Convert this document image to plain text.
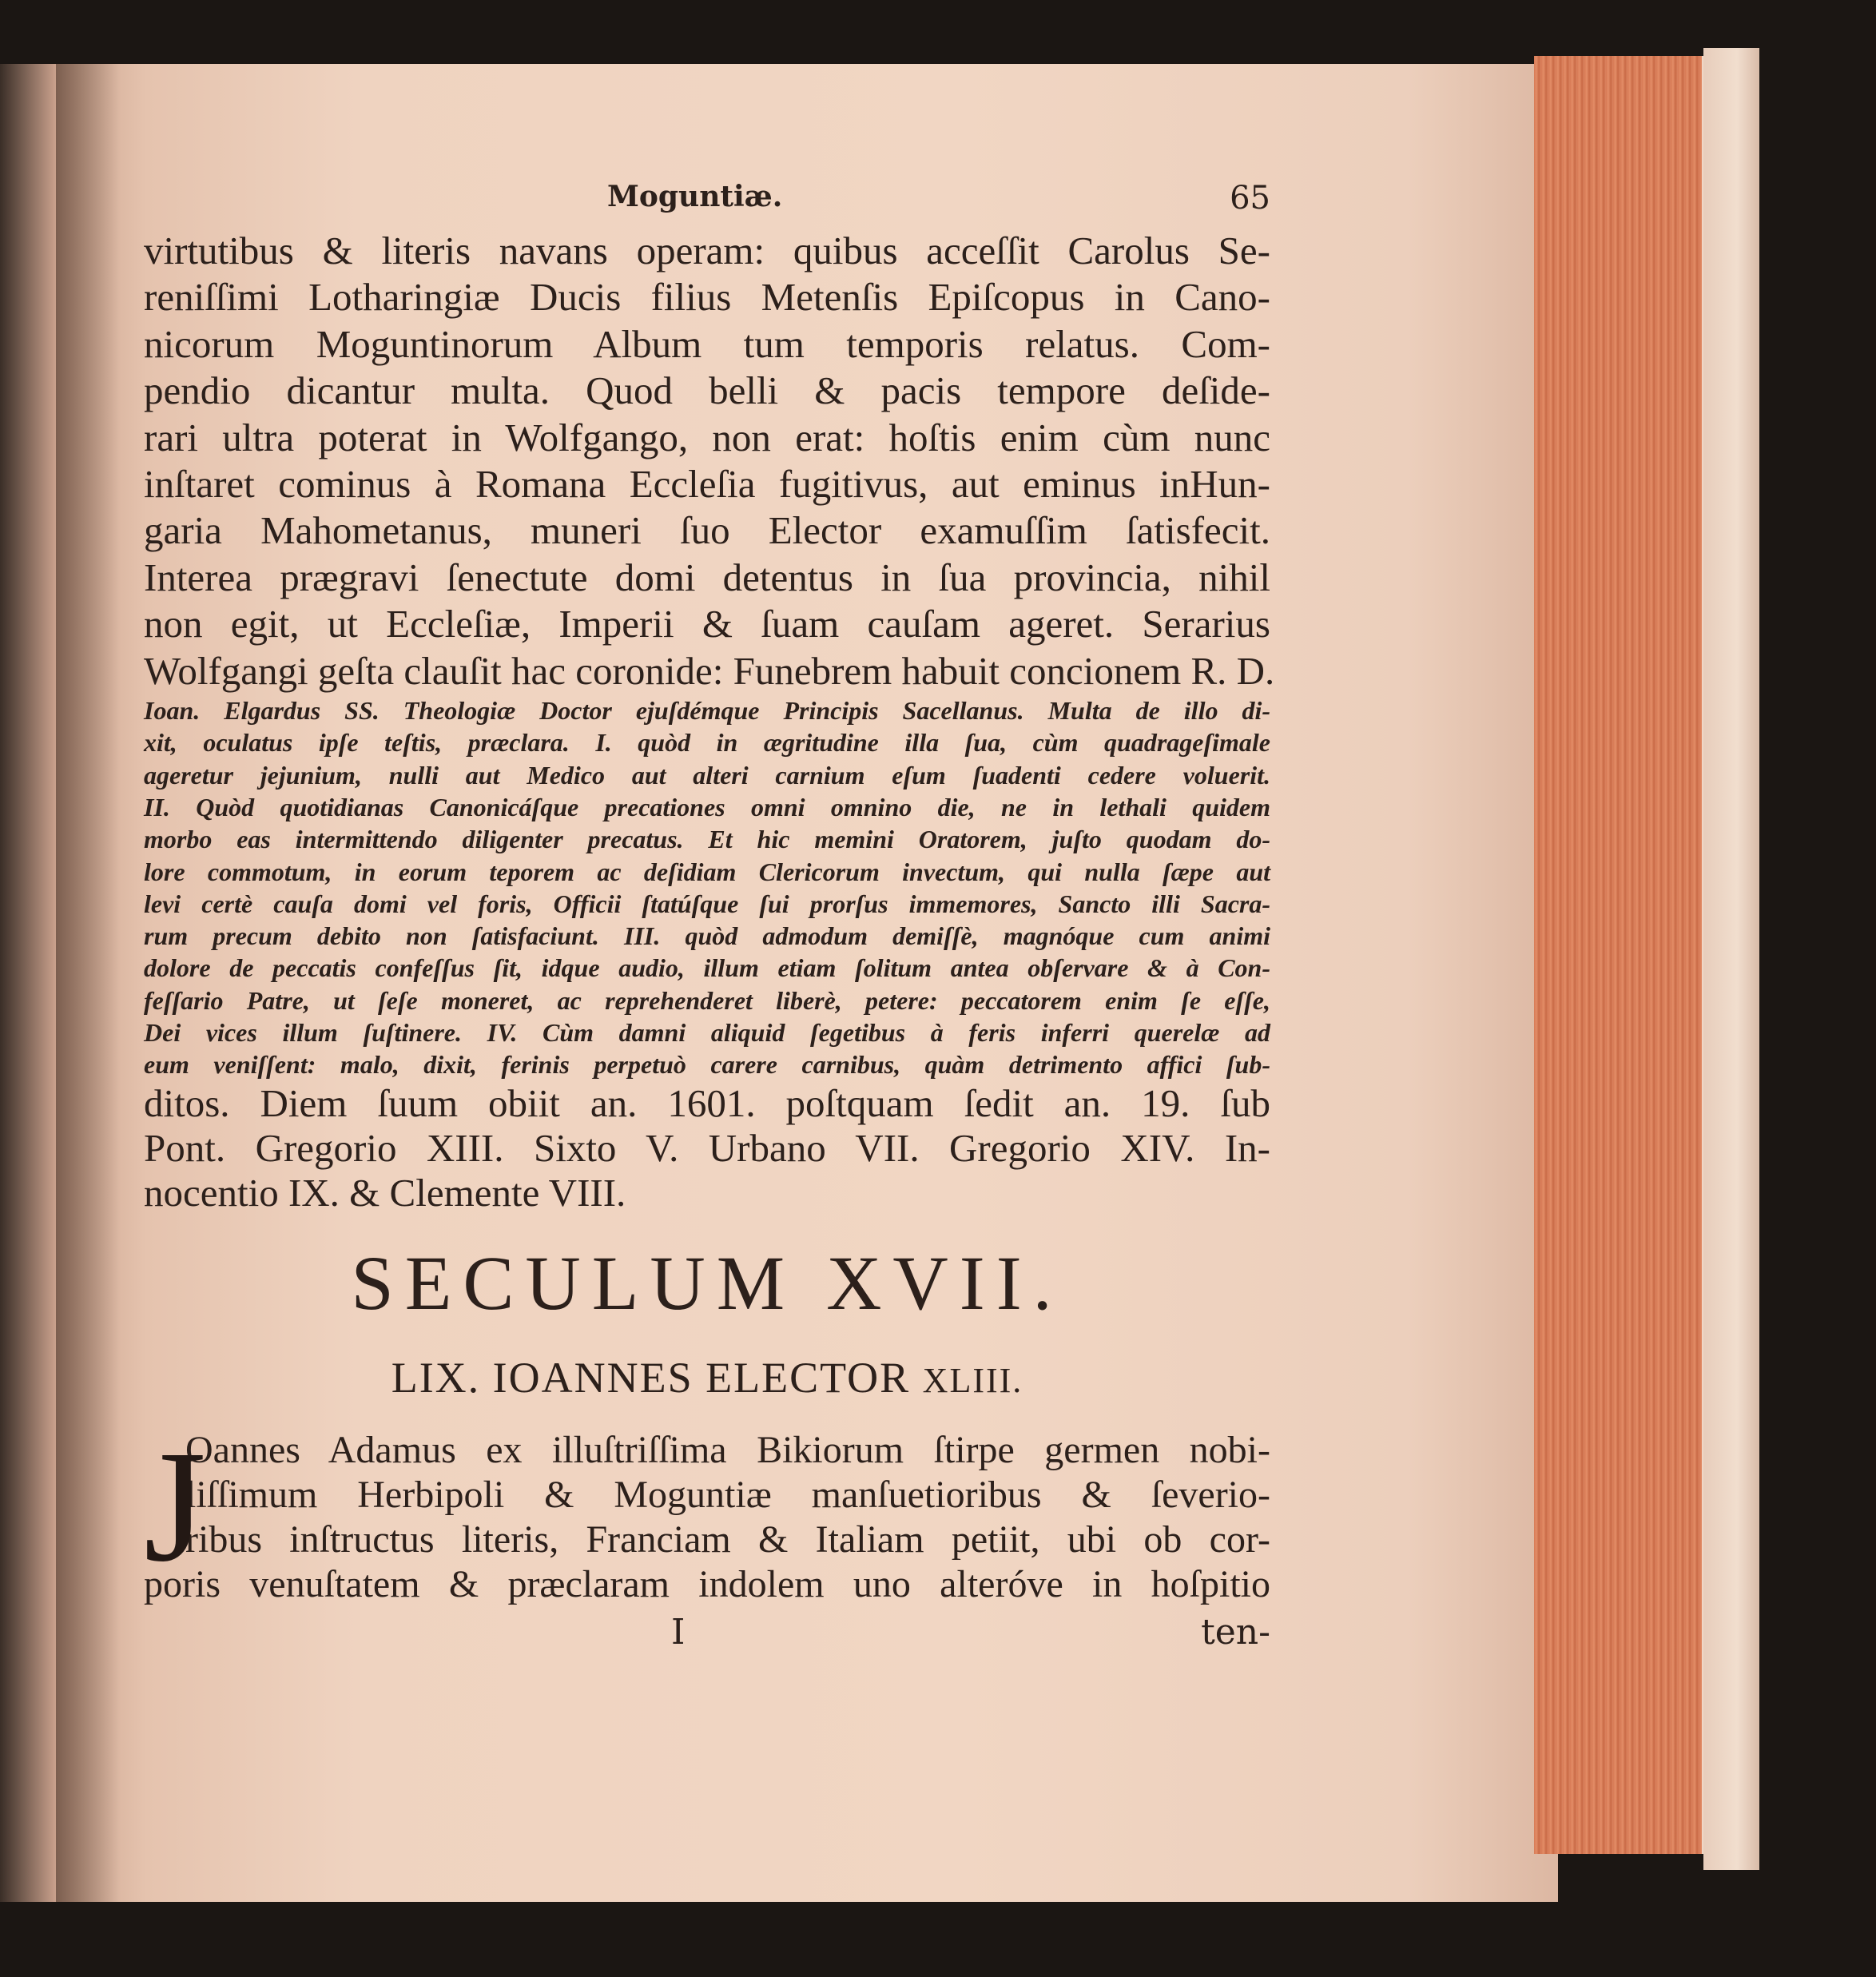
Moguntiæ.	65
virtutibus & literis navans operam: quibus acceſſit Carolus Se-
reniſſimi Lotharingiæ Ducis filius Metenſis Epiſcopus in Cano-
nicorum Moguntinorum Album tum temporis relatus. Com-
pendio dicantur multa. Quod belli & pacis tempore deſide-
rari ultra poterat in Wolfgango, non erat: hoſtis enim cùm nunc
inſtaret cominus à Romana Eccleſia fugitivus, aut eminus inHun-
garia Mahometanus, muneri ſuo Elector examuſſim ſatisfecit.
Interea prægravi ſenectute domi detentus in ſua provincia, nihil
non egit, ut Eccleſiæ, Imperii & ſuam cauſam ageret. Serarius
Wolfgangi geſta clauſit hac coronide: Funebrem habuit concionem R. D.
Ioan. Elgardus SS. Theologiæ Doctor ejuſdémque Principis Sacellanus. Multa de illo di-
xit, oculatus ipſe teſtis, præclara. I. quòd in ægritudine illa ſua, cùm quadrageſimale
ageretur jejunium, nulli aut Medico aut alteri carnium eſum ſuadenti cedere voluerit.
II. Quòd quotidianas Canonicáſque precationes omni omnino die, ne in lethali quidem
morbo eas intermittendo diligenter precatus. Et hic memini Oratorem, juſto quodam do-
lore commotum, in eorum teporem ac deſidiam Clericorum invectum, qui nulla ſæpe aut
levi certè cauſa domi vel foris, Officii ſtatúſque ſui prorſus immemores, Sancto illi Sacra-
rum precum debito non ſatisfaciunt. III. quòd admodum demiſſè, magnóque cum animi
dolore de peccatis confeſſus ſit, idque audio, illum etiam ſolitum antea obſervare & à Con-
feſſario Patre, ut ſeſe moneret, ac reprehenderet liberè, petere: peccatorem enim ſe eſſe,
Dei vices illum ſuſtinere. IV. Cùm damni aliquid ſegetibus à feris inferri querelæ ad
eum veniſſent: malo, dixit, ferinis perpetuò carere carnibus, quàm detrimento affici ſub-
ditos. Diem ſuum obiit an. 1601. poſtquam ſedit an. 19. ſub
Pont. Gregorio XIII. Sixto V. Urbano VII. Gregorio XIV. In-
nocentio IX. & Clemente VIII.
SECULUM XVII.
LIX. IOANNES ELECTOR XLIII.
J
Oannes Adamus ex illuſtriſſima Bikiorum ſtirpe germen nobi-
liſſimum Herbipoli & Moguntiæ manſuetioribus & ſeverio-
ribus inſtructus literis, Franciam & Italiam petiit, ubi ob cor-
poris venuſtatem & præclaram indolem uno alteróve in hoſpitio
I	ten-
